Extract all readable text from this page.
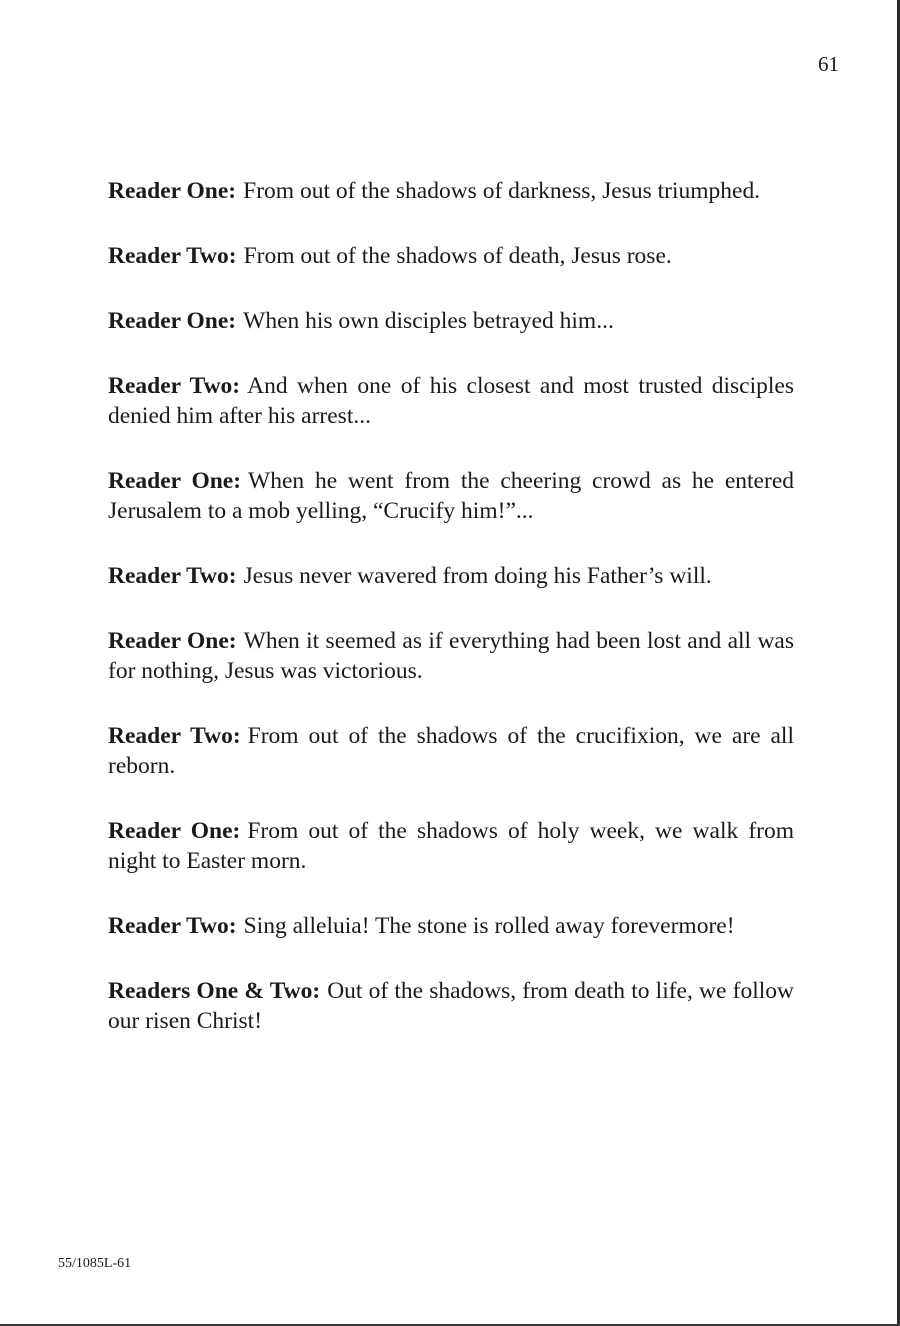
61

Reader One: From out of the shadows of darkness, Jesus triumphed.

Reader Two: From out of the shadows of death, Jesus rose.

Reader One: When his own disciples betrayed him...

Reader Two: And when one of his closest and most trusted disciples denied him after his arrest...

Reader One: When he went from the cheering crowd as he entered Jerusalem to a mob yelling, “Crucify him!”...

Reader Two: Jesus never wavered from doing his Father’s will.

Reader One: When it seemed as if everything had been lost and all was for nothing, Jesus was victorious.

Reader Two: From out of the shadows of the crucifixion, we are all reborn.

Reader One: From out of the shadows of holy week, we walk from night to Easter morn.

Reader Two: Sing alleluia! The stone is rolled away forevermore!

Readers One & Two: Out of the shadows, from death to life, we follow our risen Christ!

55/1085L-61
